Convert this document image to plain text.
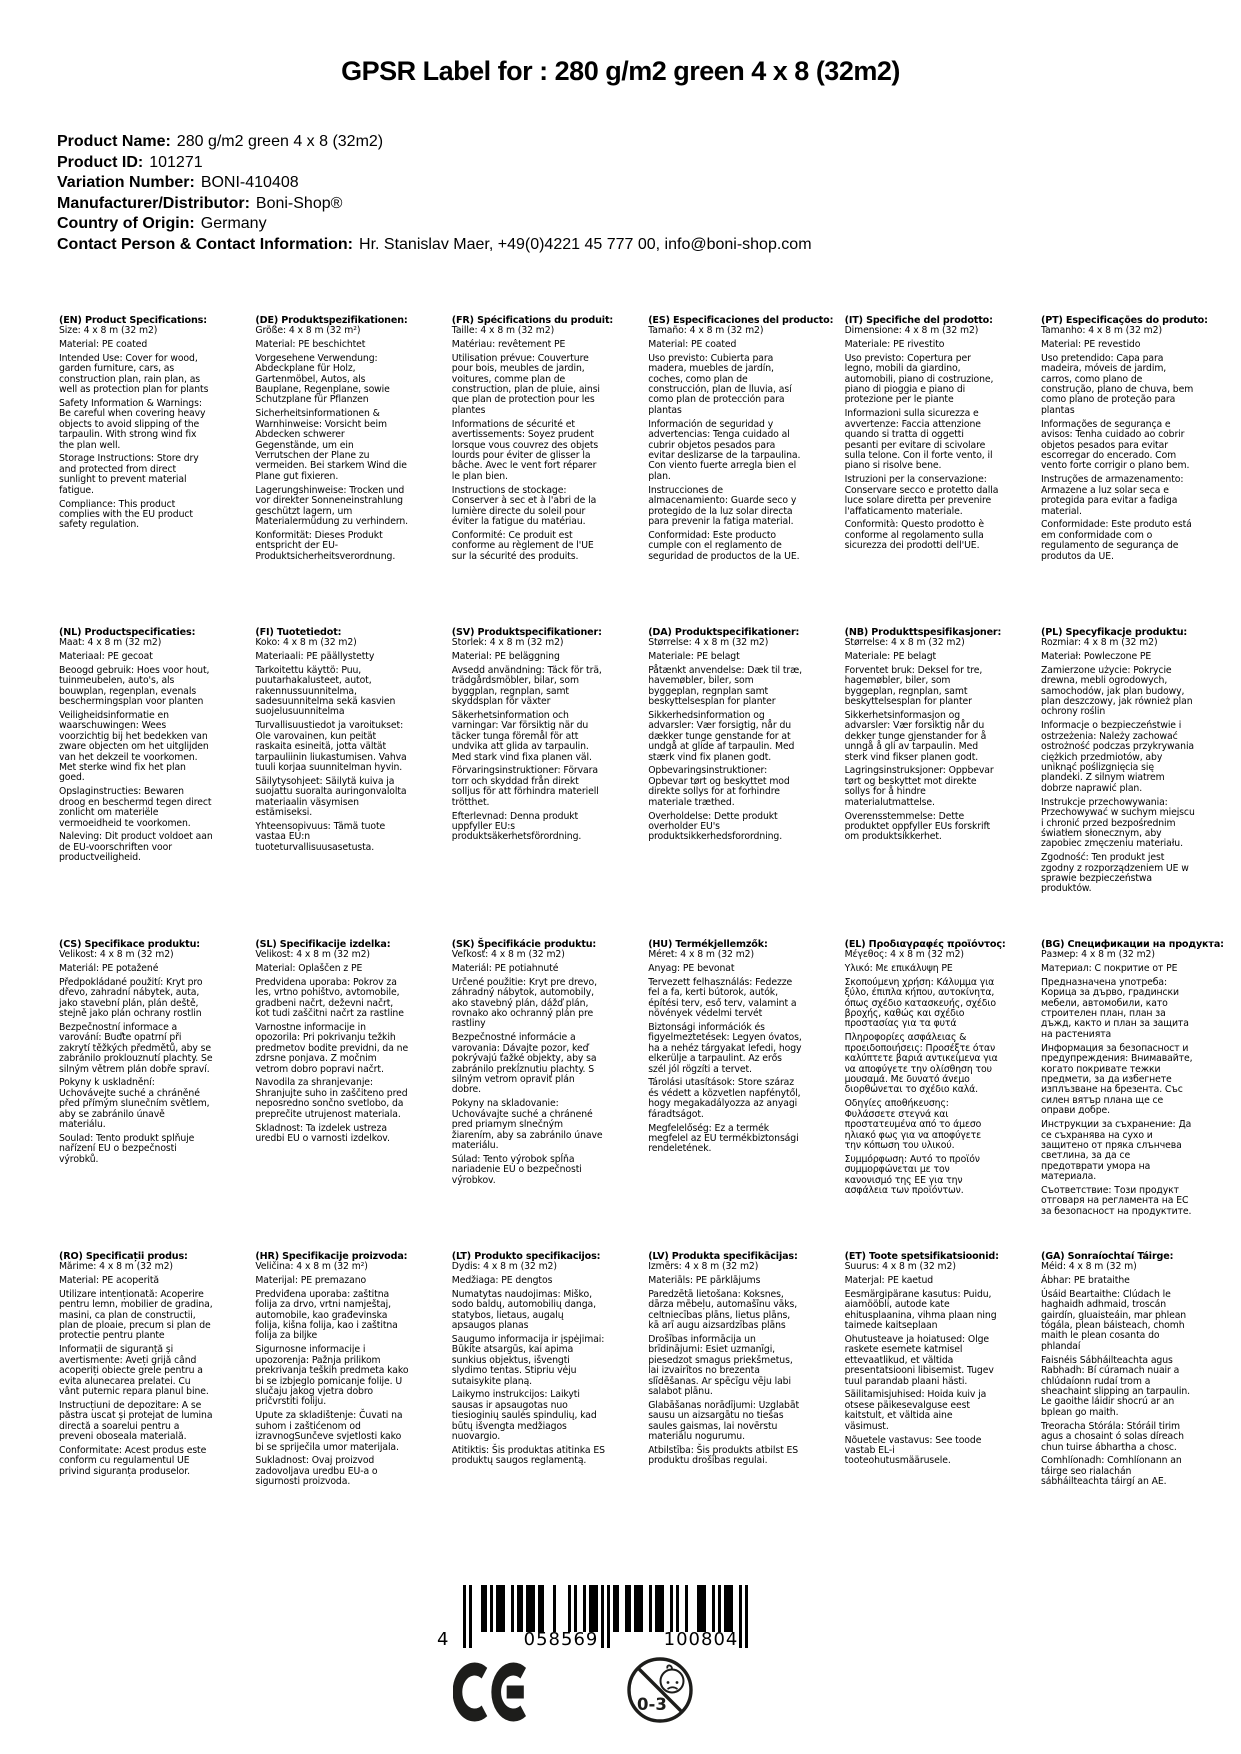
GPSR Label for : 280 g/m2 green 4 x 8 (32m2)
Product Name: 280 g/m2 green 4 x 8 (32m2)
Product ID: 101271
Variation Number: BONI-410408
Manufacturer/Distributor: Boni-Shop®
Country of Origin: Germany
Contact Person & Contact Information: Hr. Stanislav Maer, +49(0)4221 45 777 00, info@boni-shop.com
(EN) Product Specifications:

Size: 4 x 8 m (32 m2)

Material: PE coated

Intended Use: Cover for wood, garden furniture, cars, as construction plan, rain plan, as well as protection plan for plants

Safety Information & Warnings: Be careful when covering heavy objects to avoid slipping of the tarpaulin. With strong wind fix the plan well.

Storage Instructions: Store dry and protected from direct sunlight to prevent material fatigue.

Compliance: This product complies with the EU product safety regulation.

(DE) Produktspezifikationen:

Größe: 4 x 8 m (32 m²)

Material: PE beschichtet

Vorgesehene Verwendung: Abdeckplane für Holz, Gartenmöbel, Autos, als Bauplane, Regenplane, sowie Schutzplane für Pflanzen

Sicherheitsinformationen & Warnhinweise: Vorsicht beim Abdecken schwerer Gegenstände, um ein Verrutschen der Plane zu vermeiden. Bei starkem Wind die Plane gut fixieren.

Lagerungshinweise: Trocken und vor direkter Sonneneinstrahlung geschützt lagern, um Materialermüdung zu verhindern.

Konformität: Dieses Produkt entspricht der EU-Produktsicherheitsverordnung.

(FR) Spécifications du produit:

Taille: 4 x 8 m (32 m2)

Matériau: revêtement PE

Utilisation prévue: Couverture pour bois, meubles de jardin, voitures, comme plan de construction, plan de pluie, ainsi que plan de protection pour les plantes

Informations de sécurité et avertissements: Soyez prudent lorsque vous couvrez des objets lourds pour éviter de glisser la bâche. Avec le vent fort réparer le plan bien.

Instructions de stockage: Conserver à sec et à l'abri de la lumière directe du soleil pour éviter la fatigue du matériau.

Conformité: Ce produit est conforme au règlement de l'UE sur la sécurité des produits.

(ES) Especificaciones del producto:

Tamaño: 4 x 8 m (32 m2)

Material: PE coated

Uso previsto: Cubierta para madera, muebles de jardín, coches, como plan de construcción, plan de lluvia, así como plan de protección para plantas

Información de seguridad y advertencias: Tenga cuidado al cubrir objetos pesados para evitar deslizarse de la tarpaulina. Con viento fuerte arregla bien el plan.

Instrucciones de almacenamiento: Guarde seco y protegido de la luz solar directa para prevenir la fatiga material.

Conformidad: Este producto cumple con el reglamento de seguridad de productos de la UE.

(IT) Specifiche del prodotto:

Dimensione: 4 x 8 m (32 m2)

Materiale: PE rivestito

Uso previsto: Copertura per legno, mobili da giardino, automobili, piano di costruzione, piano di pioggia e piano di protezione per le piante

Informazioni sulla sicurezza e avvertenze: Faccia attenzione quando si tratta di oggetti pesanti per evitare di scivolare sulla telone. Con il forte vento, il piano si risolve bene.

Istruzioni per la conservazione: Conservare secco e protetto dalla luce solare diretta per prevenire l'affaticamento materiale.

Conformità: Questo prodotto è conforme al regolamento sulla sicurezza dei prodotti dell'UE.

(PT) Especificações do produto:

Tamanho: 4 x 8 m (32 m2)

Material: PE revestido

Uso pretendido: Capa para madeira, móveis de jardim, carros, como plano de construção, plano de chuva, bem como plano de proteção para plantas

Informações de segurança e avisos: Tenha cuidado ao cobrir objetos pesados para evitar escorregar do encerado. Com vento forte corrigir o plano bem.

Instruções de armazenamento: Armazene a luz solar seca e protegida para evitar a fadiga material.

Conformidade: Este produto está em conformidade com o regulamento de segurança de produtos da UE.

(NL) Productspecificaties:

Maat: 4 x 8 m (32 m2)

Materiaal: PE gecoat

Beoogd gebruik: Hoes voor hout, tuinmeubelen, auto's, als bouwplan, regenplan, evenals beschermingsplan voor planten

Veiligheidsinformatie en waarschuwingen: Wees voorzichtig bij het bedekken van zware objecten om het uitglijden van het dekzeil te voorkomen. Met sterke wind fix het plan goed.

Opslaginstructies: Bewaren droog en beschermd tegen direct zonlicht om materiële vermoeidheid te voorkomen.

Naleving: Dit product voldoet aan de EU-voorschriften voor productveiligheid.

(FI) Tuotetiedot:

Koko: 4 x 8 m (32 m2)

Materiaali: PE päällystetty

Tarkoitettu käyttö: Puu, puutarhakalusteet, autot, rakennussuunnitelma, sadesuunnitelma sekä kasvien suojelusuunnitelma

Turvallisuustiedot ja varoitukset: Ole varovainen, kun peität raskaita esineitä, jotta vältät tarpauliinin liukastumisen. Vahva tuuli korjaa suunnitelman hyvin.

Säilytysohjeet: Säilytä kuiva ja suojattu suoralta auringonvalolta materiaalin väsymisen estämiseksi.

Yhteensopivuus: Tämä tuote vastaa EU:n tuoteturvallisuusasetusta.

(SV) Produktspecifikationer:

Storlek: 4 x 8 m (32 m2)

Material: PE beläggning

Avsedd användning: Täck för trä, trädgårdsmöbler, bilar, som byggplan, regnplan, samt skyddsplan för växter

Säkerhetsinformation och varningar: Var försiktig när du täcker tunga föremål för att undvika att glida av tarpaulin. Med stark vind fixa planen väl.

Förvaringsinstruktioner: Förvara torr och skyddad från direkt solljus för att förhindra materiell trötthet.

Efterlevnad: Denna produkt uppfyller EU:s produktsäkerhetsförordning.

(DA) Produktspecifikationer:

Størrelse: 4 x 8 m (32 m2)

Materiale: PE belagt

Påtænkt anvendelse: Dæk til træ, havemøbler, biler, som byggeplan, regnplan samt beskyttelsesplan for planter

Sikkerhedsinformation og advarsler: Vær forsigtig, når du dækker tunge genstande for at undgå at glide af tarpaulin. Med stærk vind fix planen godt.

Opbevaringsinstruktioner: Opbevar tørt og beskyttet mod direkte sollys for at forhindre materiale træthed.

Overholdelse: Dette produkt overholder EU's produktsikkerhedsforordning.

(NB) Produkttspesifikasjoner:

Størrelse: 4 x 8 m (32 m2)

Materiale: PE belagt

Forventet bruk: Deksel for tre, hagemøbler, biler, som byggeplan, regnplan, samt beskyttelsesplan for planter

Sikkerhetsinformasjon og advarsler: Vær forsiktig når du dekker tunge gjenstander for å unngå å gli av tarpaulin. Med sterk vind fikser planen godt.

Lagringsinstruksjoner: Oppbevar tørt og beskyttet mot direkte sollys for å hindre materialutmattelse.

Overensstemmelse: Dette produktet oppfyller EUs forskrift om produktsikkerhet.

(PL) Specyfikacje produktu:

Rozmiar: 4 x 8 m (32 m2)

Materiał: Powleczone PE

Zamierzone użycie: Pokrycie drewna, mebli ogrodowych, samochodów, jak plan budowy, plan deszczowy, jak również plan ochrony roślin

Informacje o bezpieczeństwie i ostrzeżenia: Należy zachować ostrożność podczas przykrywania ciężkich przedmiotów, aby uniknąć poślizgnięcia się plandeki. Z silnym wiatrem dobrze naprawić plan.

Instrukcje przechowywania: Przechowywać w suchym miejscu i chronić przed bezpośrednim światłem słonecznym, aby zapobiec zmęczeniu materiału.

Zgodność: Ten produkt jest zgodny z rozporządzeniem UE w sprawie bezpieczeństwa produktów.

(CS) Specifikace produktu:

Velikost: 4 x 8 m (32 m2)

Materiál: PE potažené

Předpokládané použití: Kryt pro dřevo, zahradní nábytek, auta, jako stavební plán, plán deště, stejně jako plán ochrany rostlin

Bezpečnostní informace a varování: Buďte opatrní při zakrytí těžkých předmětů, aby se zabránilo proklouznutí plachty. Se silným větrem plán dobře spraví.

Pokyny k uskladnění: Uchovávejte suché a chráněné před přímým slunečním světlem, aby se zabránilo únavě materiálu.

Soulad: Tento produkt splňuje nařízení EU o bezpečnosti výrobků.

(SL) Specifikacije izdelka:

Velikost: 4 x 8 m (32 m2)

Material: Oplaščen z PE

Predvidena uporaba: Pokrov za les, vrtno pohištvo, avtomobile, gradbeni načrt, deževni načrt, kot tudi zaščitni načrt za rastline

Varnostne informacije in opozorila: Pri pokrivanju težkih predmetov bodite previdni, da ne zdrsne ponjava. Z močnim vetrom dobro popravi načrt.

Navodila za shranjevanje: Shranjujte suho in zaščiteno pred neposredno sončno svetlobo, da preprečite utrujenost materiala.

Skladnost: Ta izdelek ustreza uredbi EU o varnosti izdelkov.

(SK) Špecifikácie produktu:

Veľkosť: 4 x 8 m (32 m2)

Materiál: PE potiahnuté

Určené použitie: Kryt pre drevo, záhradný nábytok, automobily, ako stavebný plán, dážď plán, rovnako ako ochranný plán pre rastliny

Bezpečnostné informácie a varovania: Dávajte pozor, keď pokrývajú ťažké objekty, aby sa zabránilo prekĺznutiu plachty. S silným vetrom opraviť plán dobre.

Pokyny na skladovanie: Uchovávajte suché a chránené pred priamym slnečným žiarením, aby sa zabránilo únave materiálu.

Súlad: Tento výrobok spĺňa nariadenie EÚ o bezpečnosti výrobkov.

(HU) Termékjellemzők:

Méret: 4 x 8 m (32 m2)

Anyag: PE bevonat

Tervezett felhasználás: Fedezze fel a fa, kerti bútorok, autók, építési terv, eső terv, valamint a növények védelmi tervét

Biztonsági információk és figyelmeztetések: Legyen óvatos, ha a nehéz tárgyakat lefedi, hogy elkerülje a tarpaulint. Az erős szél jól rögzíti a tervet.

Tárolási utasítások: Store száraz és védett a közvetlen napfénytől, hogy megakadályozza az anyagi fáradtságot.

Megfelelőség: Ez a termék megfelel az EU termékbiztonsági rendeletének.

(EL) Προδιαγραφές προϊόντος:

Μέγεθος: 4 x 8 m (32 m2)

Υλικό: Με επικάλυψη PE

Σκοπούμενη χρήση: Κάλυμμα για ξύλο, έπιπλα κήπου, αυτοκίνητα, όπως σχέδιο κατασκευής, σχέδιο βροχής, καθώς και σχέδιο προστασίας για τα φυτά

Πληροφορίες ασφάλειας & προειδοποιήσεις: Προσέξτε όταν καλύπτετε βαριά αντικείμενα για να αποφύγετε την ολίσθηση του μουσαμά. Με δυνατό άνεμο διορθώνεται το σχέδιο καλά.

Οδηγίες αποθήκευσης: Φυλάσσετε στεγνά και προστατευμένα από το άμεσο ηλιακό φως για να αποφύγετε την κόπωση του υλικού.

Συμμόρφωση: Αυτό το προϊόν συμμορφώνεται με τον κανονισμό της ΕΕ για την ασφάλεια των προϊόντων.

(BG) Спецификации на продукта:

Размер: 4 x 8 m (32 m2)

Материал: С покритие от PE

Предназначена употреба: Корица за дърво, градински мебели, автомобили, като строителен план, план за дъжд, както и план за защита на растенията

Информация за безопасност и предупреждения: Внимавайте, когато покривате тежки предмети, за да избегнете изплъзване на брезента. Със силен вятър плана ще се оправи добре.

Инструкции за съхранение: Да се съхранява на сухо и защитено от пряка слънчева светлина, за да се предотврати умора на материала.

Съответствие: Този продукт отговаря на регламента на ЕС за безопасност на продуктите.

(RO) Specificații produs:

Mărime: 4 x 8 m (32 m2)

Material: PE acoperită

Utilizare intenționată: Acoperire pentru lemn, mobilier de gradina, masini, ca plan de constructii, plan de ploaie, precum si plan de protectie pentru plante

Informații de siguranță și avertismente: Aveți grijă când acoperiți obiecte grele pentru a evita alunecarea prelatei. Cu vânt puternic repara planul bine.

Instrucțiuni de depozitare: A se păstra uscat și protejat de lumina directă a soarelui pentru a preveni oboseala materială.

Conformitate: Acest produs este conform cu regulamentul UE privind siguranța produselor.

(HR) Specifikacije proizvoda:

Veličina: 4 x 8 m (32 m²)

Materijal: PE premazano

Predviđena uporaba: zaštitna folija za drvo, vrtni namještaj, automobile, kao građevinska folija, kišna folija, kao i zaštitna folija za biljke

Sigurnosne informacije i upozorenja: Pažnja prilikom prekrivanja teških predmeta kako bi se izbjeglo pomicanje folije. U slučaju jakog vjetra dobro pričvrstiti foliju.

Upute za skladištenje: Čuvati na suhom i zaštićenom od izravnogSunčeve svjetlosti kako bi se spriječila umor materijala.

Sukladnost: Ovaj proizvod zadovoljava uredbu EU-a o sigurnosti proizvoda.

(LT) Produkto specifikacijos:

Dydis: 4 x 8 m (32 m2)

Medžiaga: PE dengtos

Numatytas naudojimas: Miško, sodo baldų, automobilių danga, statybos, lietaus, augalų apsaugos planas

Saugumo informacija ir įspėjimai: Būkite atsargūs, kai apima sunkius objektus, išvengti slydimo tentas. Stipriu vėju sutaisykite planą.

Laikymo instrukcijos: Laikyti sausas ir apsaugotas nuo tiesioginių saulės spindulių, kad būtų išvengta medžiagos nuovargio.

Atitiktis: Šis produktas atitinka ES produktų saugos reglamentą.

(LV) Produkta specifikācijas:

Izmērs: 4 x 8 m (32 m2)

Materiāls: PE pārklājums

Paredzētā lietošana: Koksnes, dārza mēbeļu, automašīnu vāks, celtniecības plāns, lietus plāns, kā arī augu aizsardzības plāns

Drošības informācija un brīdinājumi: Esiet uzmanīgi, piesedzot smagus priekšmetus, lai izvairītos no brezenta slīdēšanas. Ar spēcīgu vēju labi salabot plānu.

Glabāšanas norādījumi: Uzglabāt sausu un aizsargātu no tiešas saules gaismas, lai novērstu materiālu nogurumu.

Atbilstība: Šis produkts atbilst ES produktu drošības regulai.

(ET) Toote spetsifikatsioonid:

Suurus: 4 x 8 m (32 m2)

Materjal: PE kaetud

Eesmärgipärane kasutus: Puidu, aiamööbli, autode kate ehitusplaanina, vihma plaan ning taimede kaitseplaan

Ohutusteave ja hoiatused: Olge raskete esemete katmisel ettevaatlikud, et vältida presentatsiooni libisemist. Tugev tuul parandab plaani hästi.

Säilitamisjuhised: Hoida kuiv ja otsese päikesevalguse eest kaitstult, et vältida aine väsimust.

Nõuetele vastavus: See toode vastab EL-i tooteohutusmäärusele.

(GA) Sonraíochtaí Táirge:

Méid: 4 x 8 m (32 m)

Ábhar: PE brataithe

Úsáid Beartaithe: Clúdach le haghaidh adhmaid, troscán gairdín, gluaisteáin, mar phlean tógála, plean báisteach, chomh maith le plean cosanta do phlandaí

Faisnéis Sábháilteachta agus Rabhadh: Bí cúramach nuair a chlúdaíonn rudaí trom a sheachaint slipping an tarpaulin. Le gaoithe láidir shocrú ar an bplean go maith.

Treoracha Stórála: Stóráil tirim agus a chosaint ó solas díreach chun tuirse ábhartha a chosc.

Comhlíonadh: Comhlíonann an táirge seo rialachán sábháilteachta táirgí an AE.

4	058569	100804
0-3
